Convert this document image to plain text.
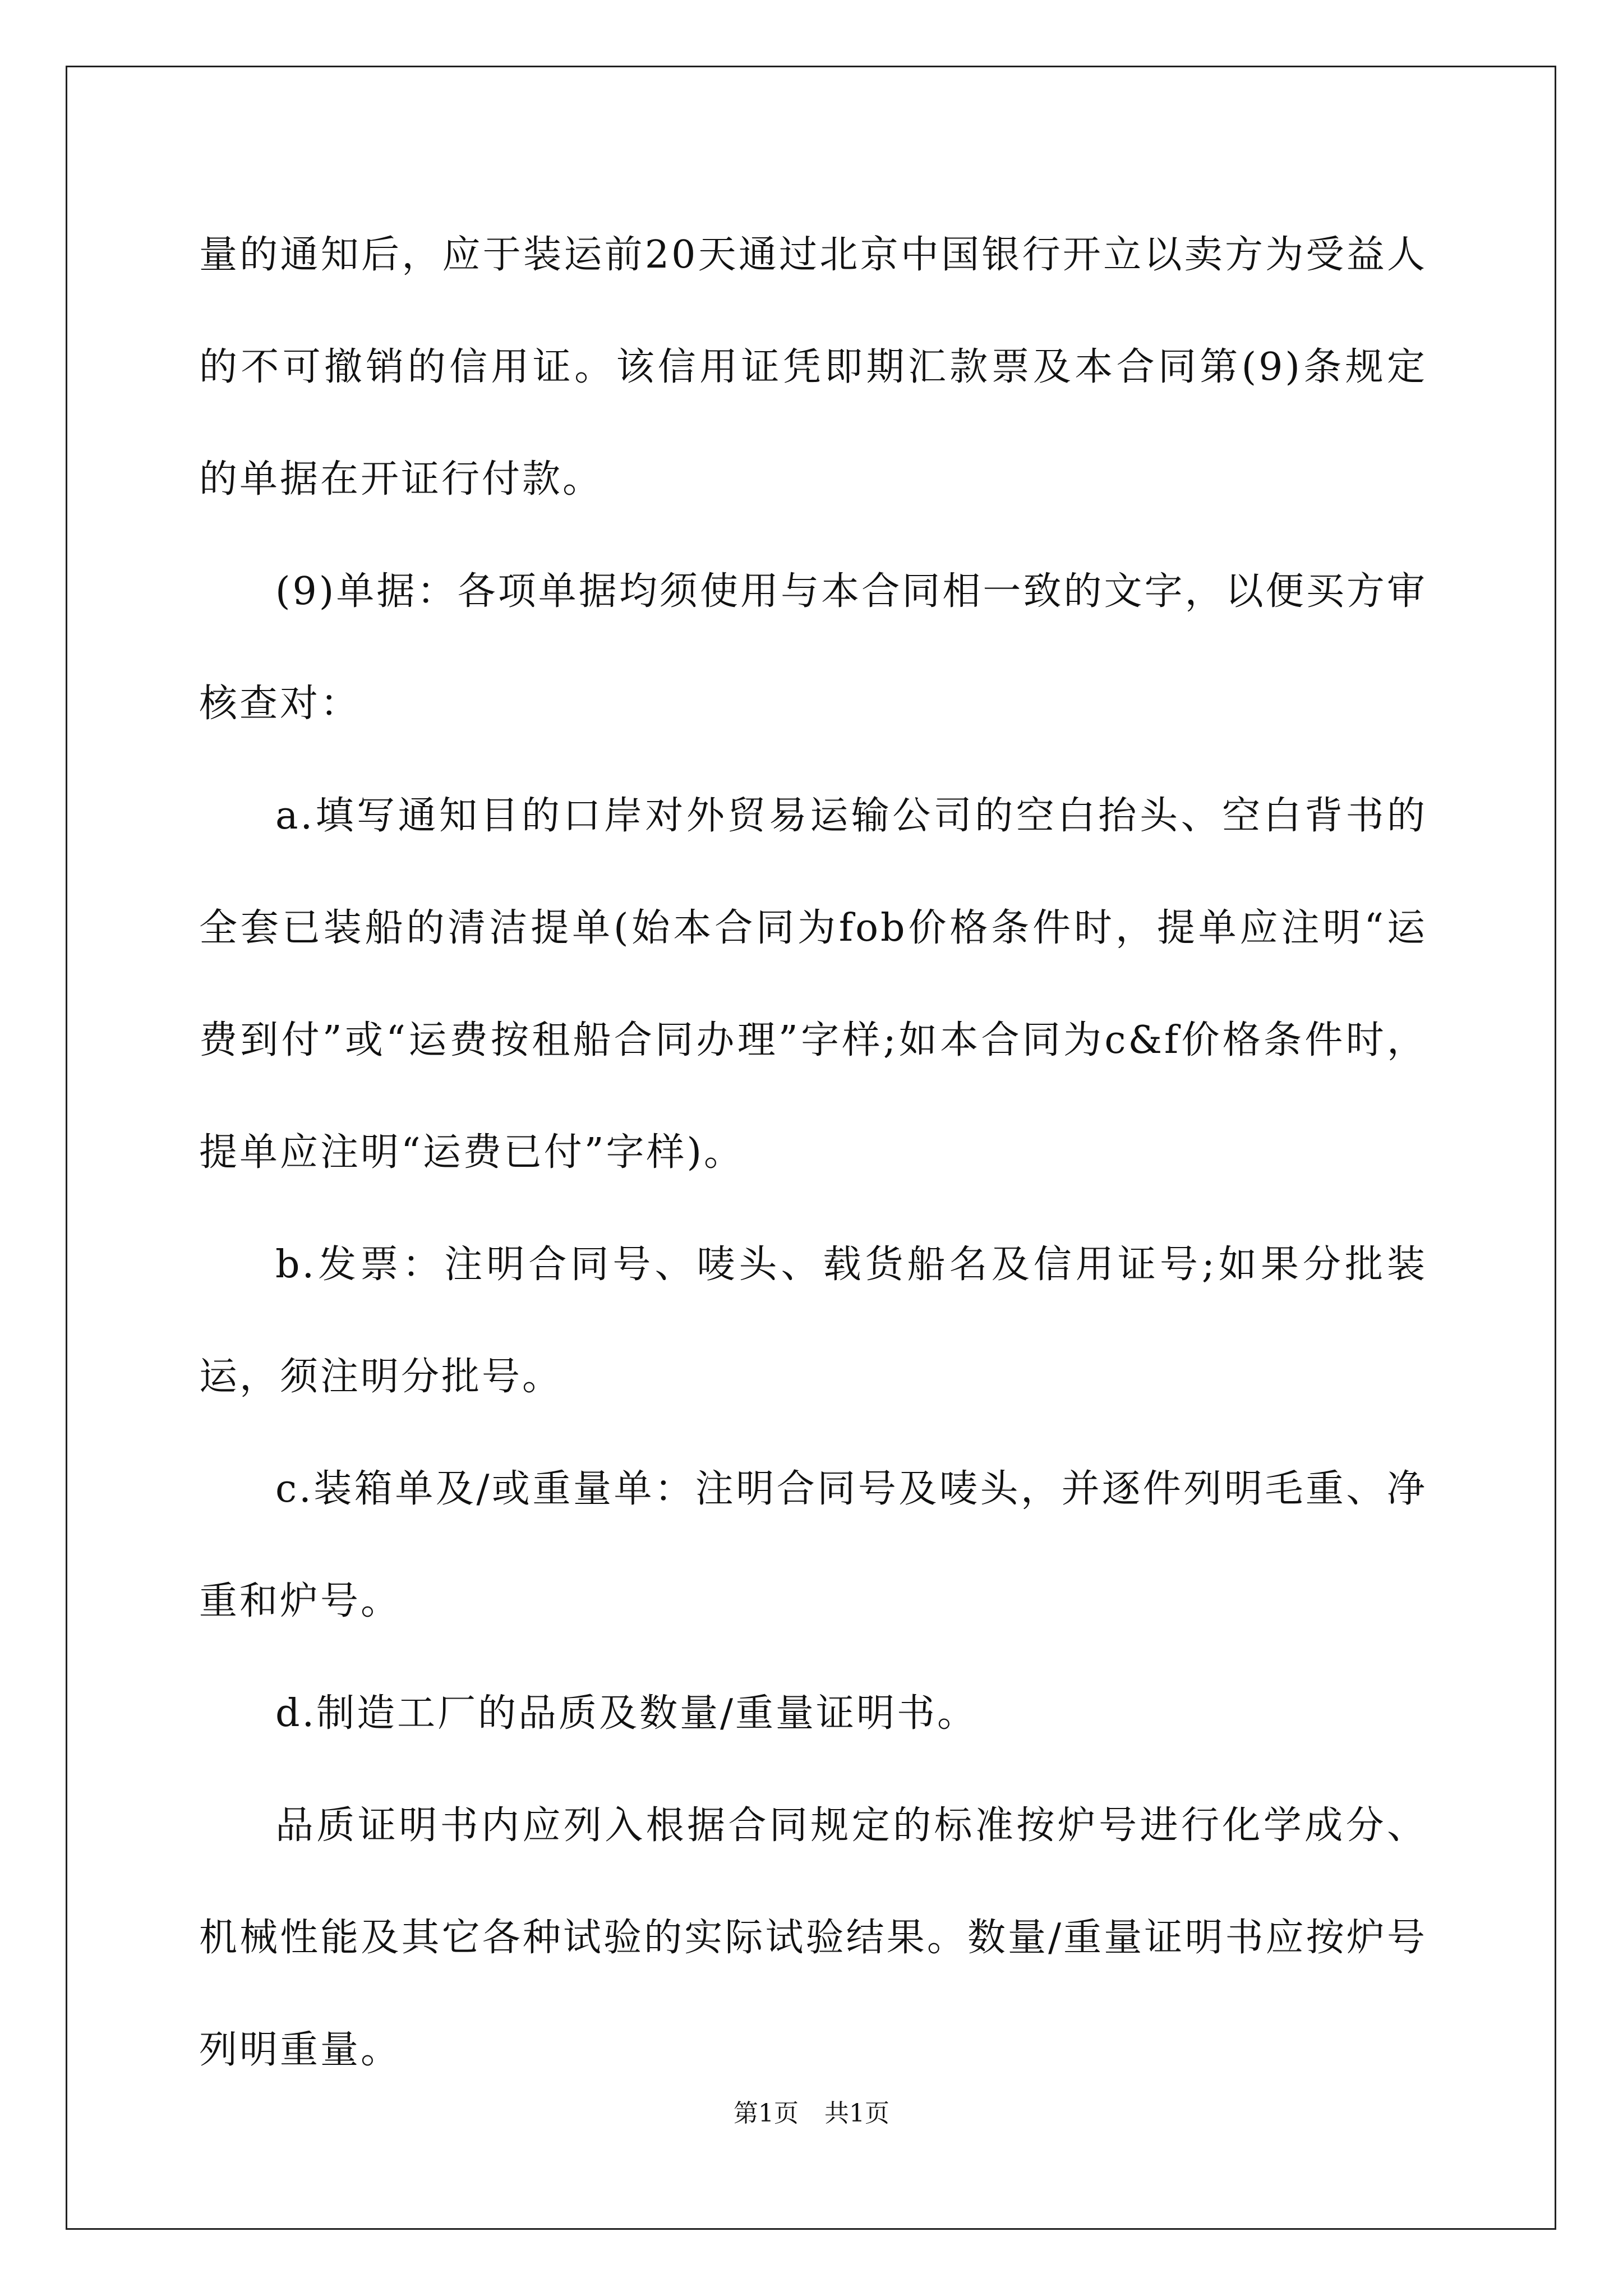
量的通知后，应于装运前20天通过北京中国银行开立以卖方为受益人的不可撤销的信用证。该信用证凭即期汇款票及本合同第(9)条规定的单据在开证行付款。

(9)单据：各项单据均须使用与本合同相一致的文字，以便买方审核查对：

a.填写通知目的口岸对外贸易运输公司的空白抬头、空白背书的全套已装船的清洁提单(始本合同为fob价格条件时，提单应注明“运费到付”或“运费按租船合同办理”字样;如本合同为c&f价格条件时，提单应注明“运费已付”字样)。

b.发票：注明合同号、唛头、载货船名及信用证号;如果分批装运，须注明分批号。

c.装箱单及/或重量单：注明合同号及唛头，并逐件列明毛重、净重和炉号。

d.制造工厂的品质及数量/重量证明书。

品质证明书内应列入根据合同规定的标准按炉号进行化学成分、机械性能及其它各种试验的实际试验结果。数量/重量证明书应按炉号列明重量。

第1页 共1页
